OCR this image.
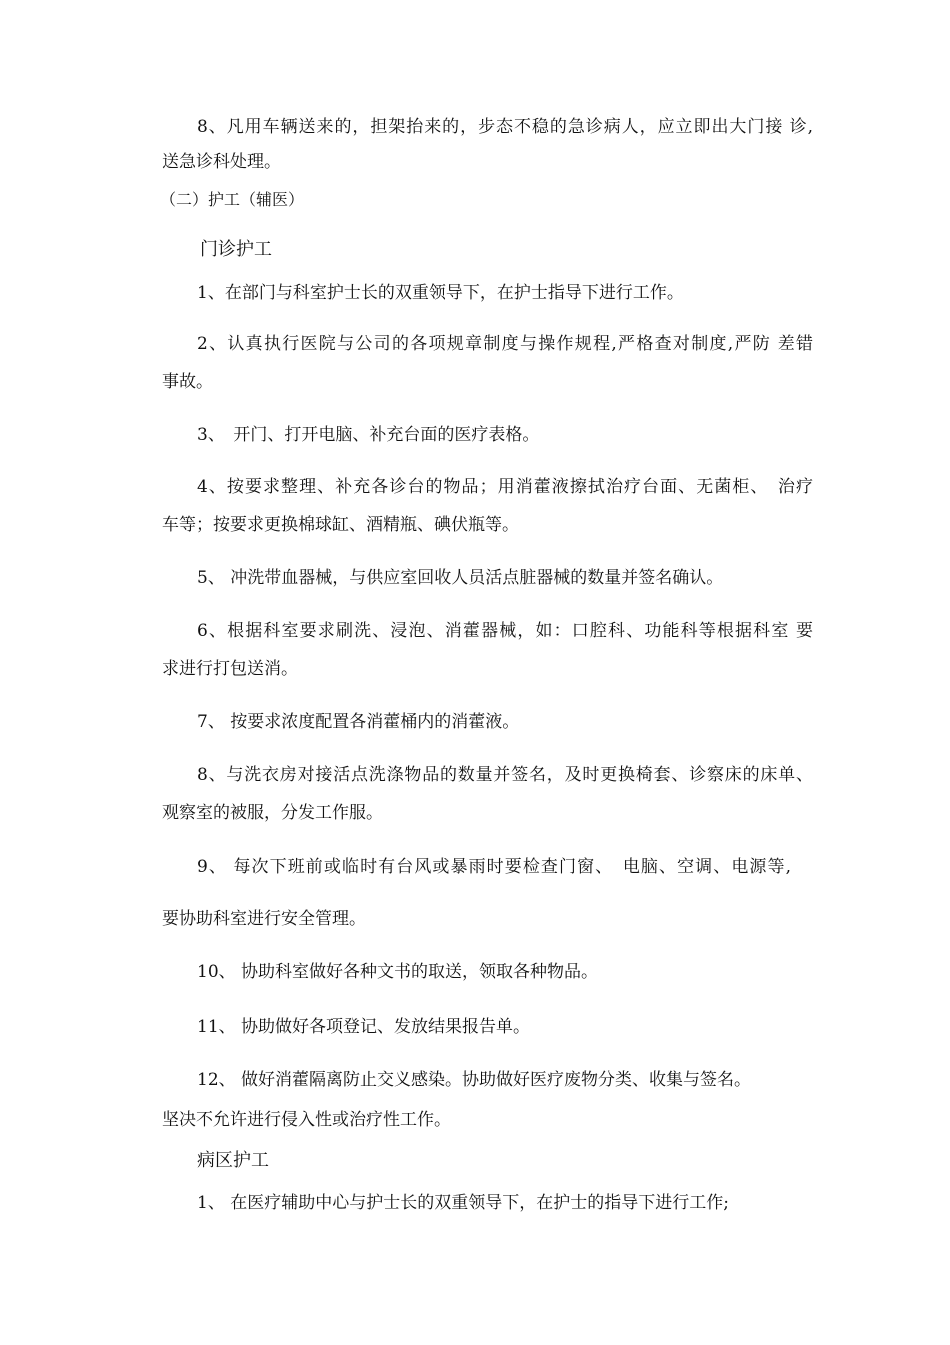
8、凡用车辆送来的，担架抬来的，步态不稳的急诊病人，应立即出大门接 诊,

送急诊科处理。

（二）护工（辅医）

门诊护工

1、在部门与科室护士长的双重领导下，在护士指导下进行工作。

2、认真执行医院与公司的各项规章制度与操作规程,严格查对制度,严防 差错

事故。

3、　开门、打开电脑、补充台面的医疗表格。

4、按要求整理、补充各诊台的物品；用消藿液擦拭治疗台面、无菌柜、　治疗

车等；按要求更换棉球缸、酒精瓶、碘伏瓶等。

5、 冲洗带血器械，与供应室回收人员活点脏器械的数量并签名确认。

6、根据科室要求刷洗、浸泡、消藿器械，如：口腔科、功能科等根据科室 要

求进行打包送消。

7、 按要求浓度配置各消藿桶内的消藿液。

8、与洗衣房对接活点洗涤物品的数量并签名，及时更换椅套、诊察床的床单、

观察室的被服，分发工作服。

9、 每次下班前或临时有台风或暴雨时要检查门窗、　电脑、空调、电源等,

要协助科室进行安全管理。

10、 协助科室做好各种文书的取送，领取各种物品。

11、 协助做好各项登记、发放结果报告单。

12、 做好消藿隔离防止交义感染。协助做好医疗废物分类、收集与签名。

坚决不允许进行侵入性或治疗性工作。

病区护工

1、 在医疗辅助中心与护士长的双重领导下，在护士的指导下进行工作;
